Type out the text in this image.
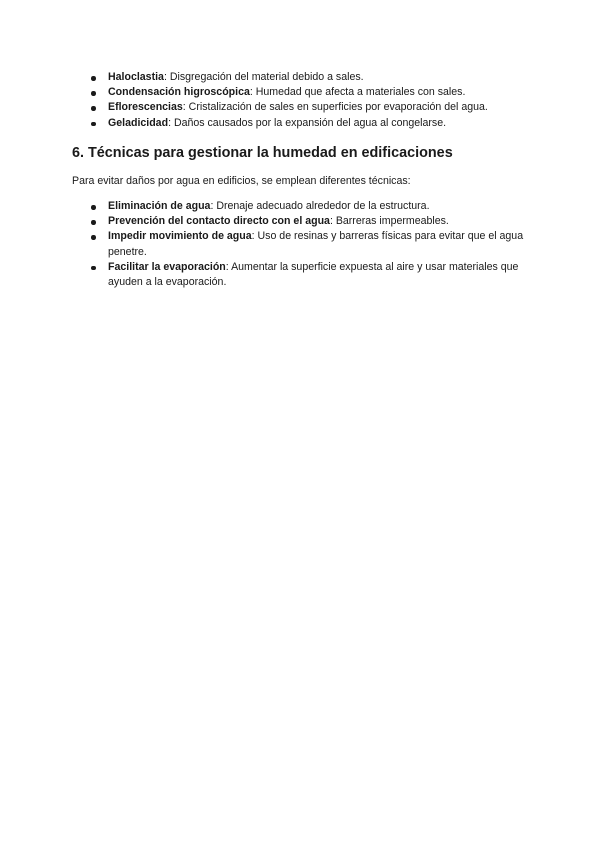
Haloclastia: Disgregación del material debido a sales.
Condensación higroscópica: Humedad que afecta a materiales con sales.
Eflorescencias: Cristalización de sales en superficies por evaporación del agua.
Geladicidad: Daños causados por la expansión del agua al congelarse.
6. Técnicas para gestionar la humedad en edificaciones

Para evitar daños por agua en edificios, se emplean diferentes técnicas:

Eliminación de agua: Drenaje adecuado alrededor de la estructura.
Prevención del contacto directo con el agua: Barreras impermeables.
Impedir movimiento de agua: Uso de resinas y barreras físicas para evitar que el agua penetre.
Facilitar la evaporación: Aumentar la superficie expuesta al aire y usar materiales que ayuden a la evaporación.
